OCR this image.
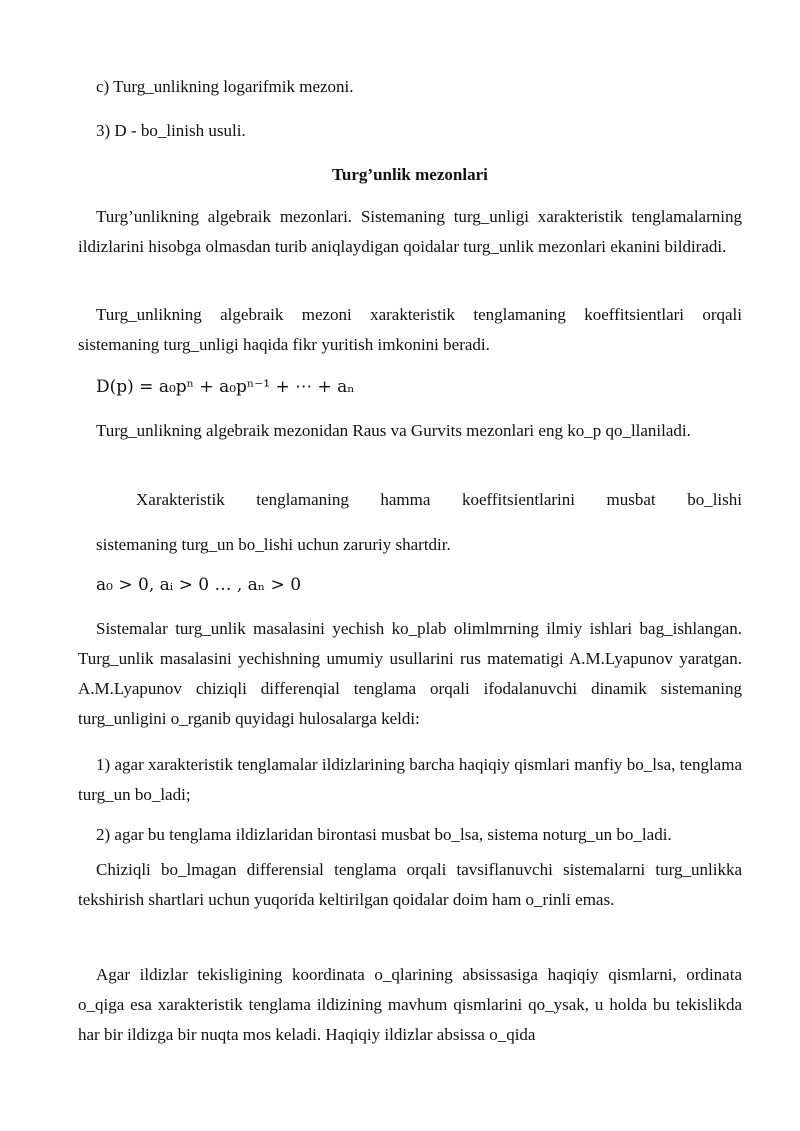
c) Turg_unlikning logarifmik mezoni.

3) D - bo_linish usuli.

Turg’unlik mezonlari

Turg’unlikning algebraik mezonlari. Sistemaning turg_unligi xarakteristik tenglamalarning ildizlarini hisobga olmasdan turib aniqlaydigan qoidalar turg_unlik mezonlari ekanini bildiradi.

Turg_unlikning algebraik mezoni xarakteristik tenglamaning koeffitsientlari orqali sistemaning turg_unligi haqida fikr yuritish imkonini beradi.

D(p) = a₀pⁿ + a₀pⁿ⁻¹ + ⋯ + aₙ

Turg_unlikning algebraik mezonidan Raus va Gurvits mezonlari eng ko_p qo_llaniladi.

Xarakteristik tenglamaning hamma koeffitsientlarini musbat bo_lishi

sistemaning turg_un bo_lishi uchun zaruriy shartdir.

a₀ > 0, aᵢ > 0 … , aₙ > 0

Sistemalar turg_unlik masalasini yechish ko_plab olimlmrning ilmiy ishlari bag_ishlangan. Turg_unlik masalasini yechishning umumiy usullarini rus matematigi A.M.Lyapunov yaratgan. A.M.Lyapunov chiziqli differenqial tenglama orqali ifodalanuvchi dinamik sistemaning turg_unligini o_rganib quyidagi hulosalarga keldi:

1) agar xarakteristik tenglamalar ildizlarining barcha haqiqiy qismlari manfiy bo_lsa, tenglama turg_un bo_ladi;

2) agar bu tenglama ildizlaridan birontasi musbat bo_lsa, sistema noturg_un bo_ladi.

Chiziqli bo_lmagan differensial tenglama orqali tavsiflanuvchi sistemalarni turg_unlikka tekshirish shartlari uchun yuqorida keltirilgan qoidalar doim ham o_rinli emas.

Agar ildizlar tekisligining koordinata o_qlarining absissasiga haqiqiy qismlarni, ordinata o_qiga esa xarakteristik tenglama ildizining mavhum qismlarini qo_ysak, u holda bu tekislikda har bir ildizga bir nuqta mos keladi. Haqiqiy ildizlar absissa o_qida
